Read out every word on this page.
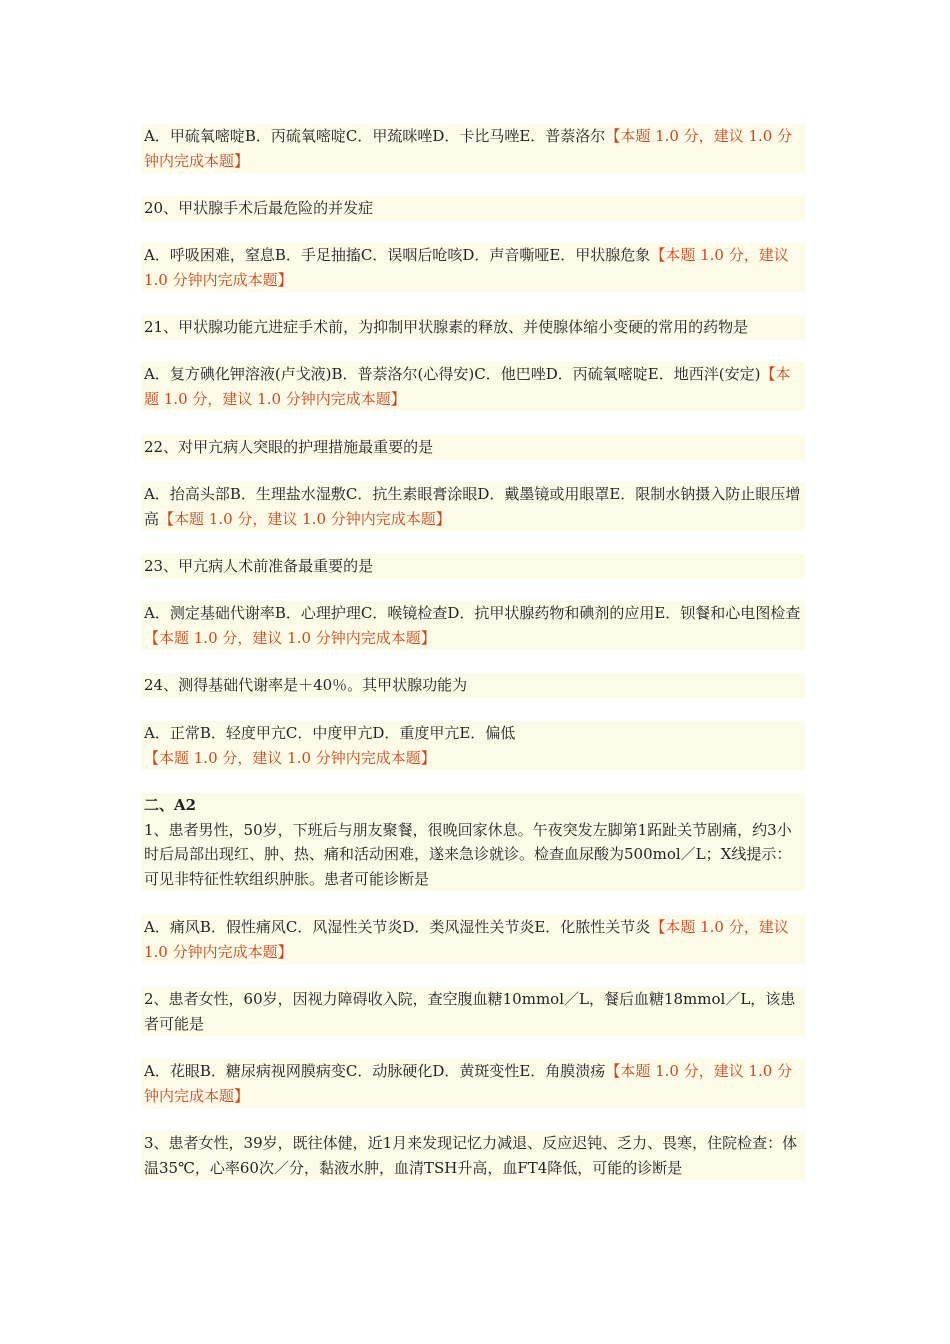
A．甲硫氧嘧啶B．丙硫氧嘧啶C．甲巯咪唑D．卡比马唑E．普萘洛尔【本题 1.0 分，建议 1.0 分钟内完成本题】
20、甲状腺手术后最危险的并发症
A．呼吸困难，窒息B．手足抽搐C．误咽后呛咳D．声音嘶哑E．甲状腺危象【本题 1.0 分，建议 1.0 分钟内完成本题】
21、甲状腺功能亢进症手术前，为抑制甲状腺素的释放、并使腺体缩小变硬的常用的药物是
A．复方碘化钾溶液(卢戈液)B．普萘洛尔(心得安)C．他巴唑D．丙硫氧嘧啶E．地西泮(安定)【本题 1.0 分，建议 1.0 分钟内完成本题】
22、对甲亢病人突眼的护理措施最重要的是
A．抬高头部B．生理盐水湿敷C．抗生素眼膏涂眼D．戴墨镜或用眼罩E．限制水钠摄入防止眼压增高【本题 1.0 分，建议 1.0 分钟内完成本题】
23、甲亢病人术前准备最重要的是
A．测定基础代谢率B．心理护理C．喉镜检查D．抗甲状腺药物和碘剂的应用E．钡餐和心电图检查【本题 1.0 分，建议 1.0 分钟内完成本题】
24、测得基础代谢率是＋40％。其甲状腺功能为
A．正常B．轻度甲亢C．中度甲亢D．重度甲亢E．偏低【本题 1.0 分，建议 1.0 分钟内完成本题】
二、A2
1、患者男性，50岁，下班后与朋友聚餐，很晚回家休息。午夜突发左脚第1跖趾关节剧痛，约3小时后局部出现红、肿、热、痛和活动困难，遂来急诊就诊。检查血尿酸为500mol／L；X线提示：可见非特征性软组织肿胀。患者可能诊断是
A．痛风B．假性痛风C．风湿性关节炎D．类风湿性关节炎E．化脓性关节炎【本题 1.0 分，建议 1.0 分钟内完成本题】
2、患者女性，60岁，因视力障碍收入院，查空腹血糖10mmol／L，餐后血糖18mmol／L，该患者可能是
A．花眼B．糖尿病视网膜病变C．动脉硬化D．黄斑变性E．角膜溃疡【本题 1.0 分，建议 1.0 分钟内完成本题】
3、患者女性，39岁，既往体健，近1月来发现记忆力减退、反应迟钝、乏力、畏寒，住院检查：体温35℃，心率60次／分，黏液水肿，血清TSH升高，血FT4降低，可能的诊断是
